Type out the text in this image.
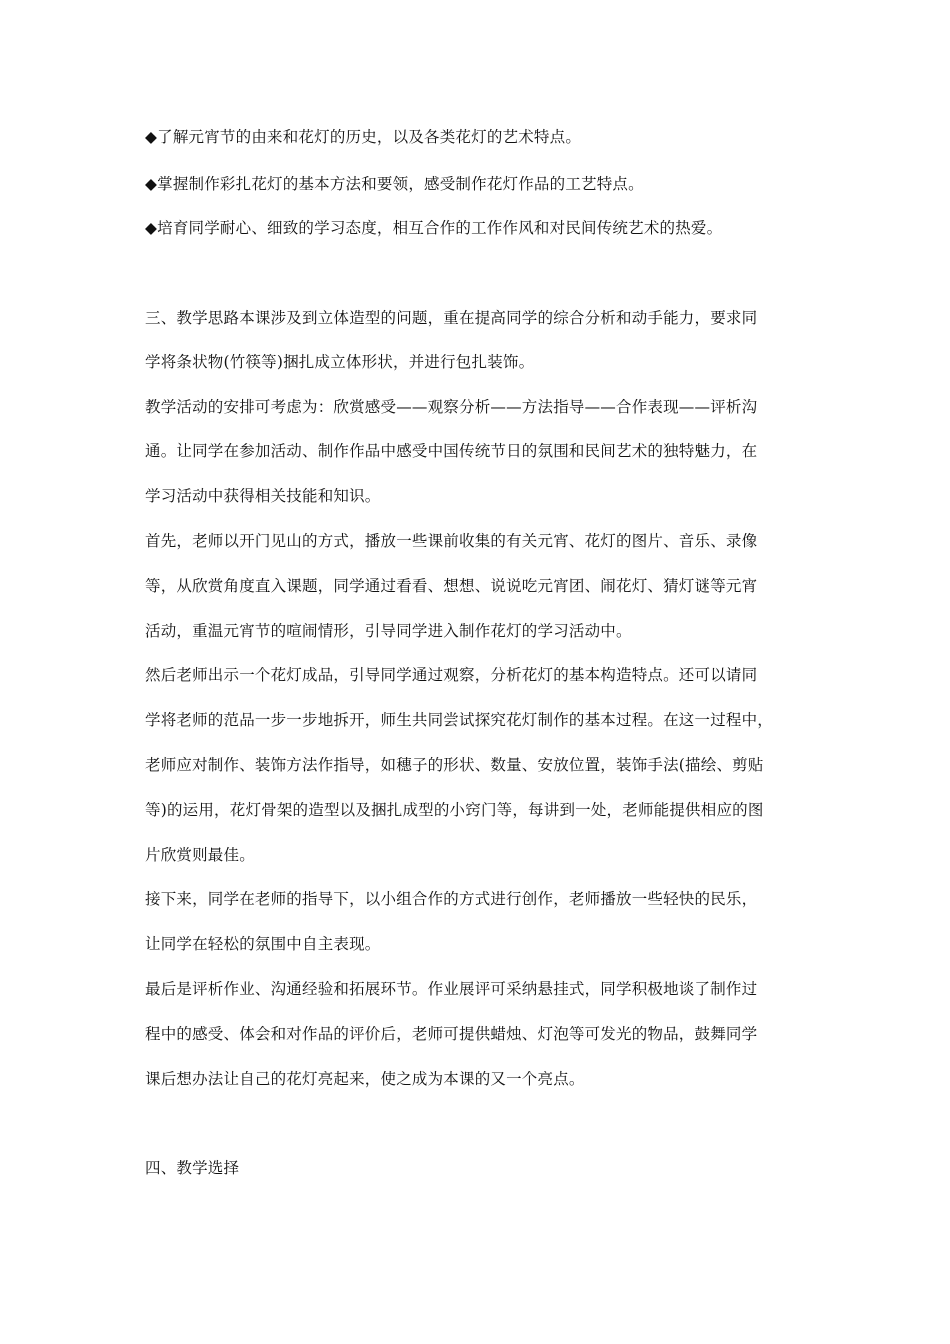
◆了解元宵节的由来和花灯的历史，以及各类花灯的艺术特点。
◆掌握制作彩扎花灯的基本方法和要领，感受制作花灯作品的工艺特点。
◆培育同学耐心、细致的学习态度，相互合作的工作作风和对民间传统艺术的热爱。
三、教学思路本课涉及到立体造型的问题，重在提高同学的综合分析和动手能力，要求同
学将条状物(竹筷等)捆扎成立体形状，并进行包扎装饰。
教学活动的安排可考虑为：欣赏感受——观察分析——方法指导——合作表现——评析沟
通。让同学在参加活动、制作作品中感受中国传统节日的氛围和民间艺术的独特魅力，在
学习活动中获得相关技能和知识。
首先，老师以开门见山的方式，播放一些课前收集的有关元宵、花灯的图片、音乐、录像
等，从欣赏角度直入课题，同学通过看看、想想、说说吃元宵团、闹花灯、猜灯谜等元宵
活动，重温元宵节的喧闹情形，引导同学进入制作花灯的学习活动中。
然后老师出示一个花灯成品，引导同学通过观察，分析花灯的基本构造特点。还可以请同
学将老师的范品一步一步地拆开，师生共同尝试探究花灯制作的基本过程。在这一过程中，
老师应对制作、装饰方法作指导，如穗子的形状、数量、安放位置，装饰手法(描绘、剪贴
等)的运用，花灯骨架的造型以及捆扎成型的小窍门等，每讲到一处，老师能提供相应的图
片欣赏则最佳。
接下来，同学在老师的指导下，以小组合作的方式进行创作，老师播放一些轻快的民乐，
让同学在轻松的氛围中自主表现。
最后是评析作业、沟通经验和拓展环节。作业展评可采纳悬挂式，同学积极地谈了制作过
程中的感受、体会和对作品的评价后，老师可提供蜡烛、灯泡等可发光的物品，鼓舞同学
课后想办法让自己的花灯亮起来，使之成为本课的又一个亮点。
四、教学选择
